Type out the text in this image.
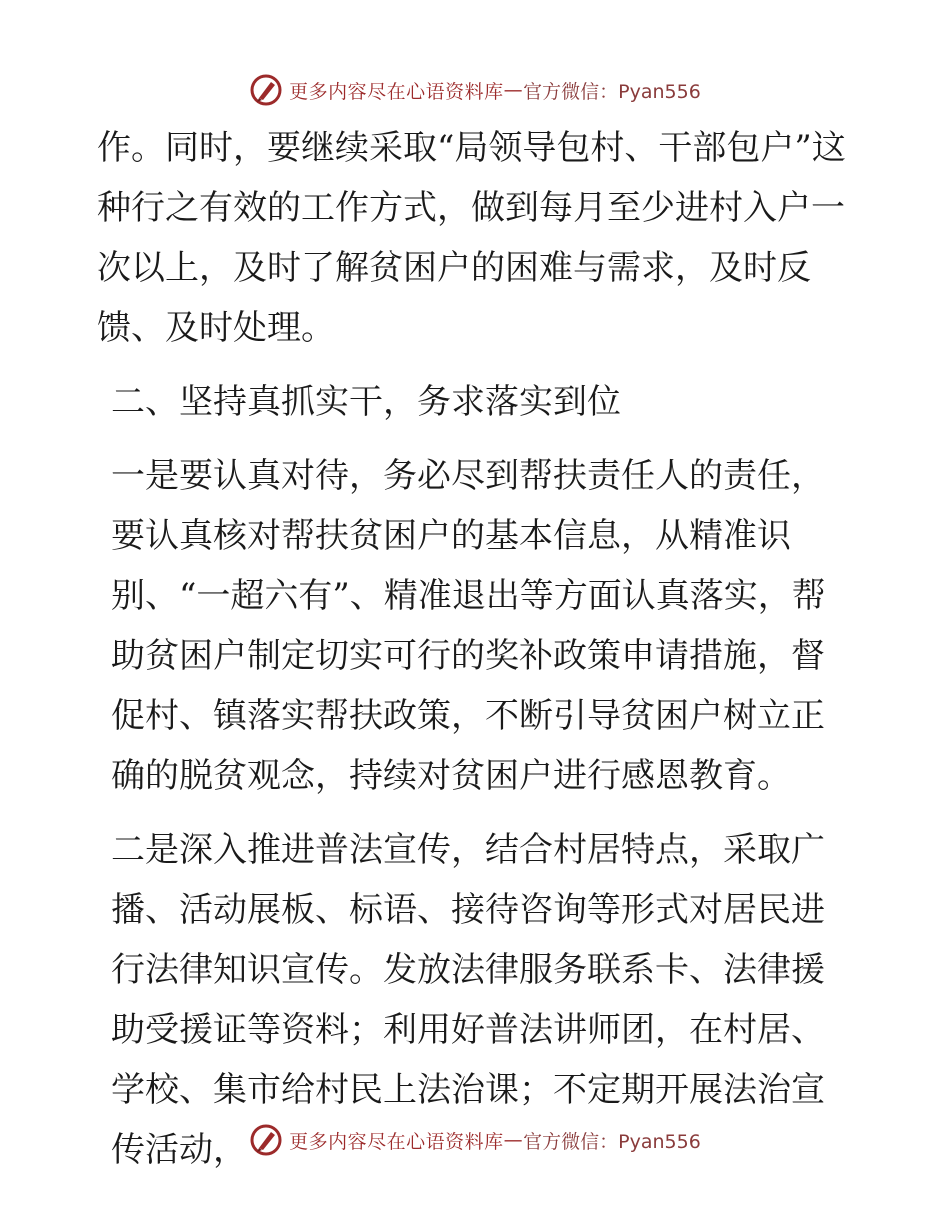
更多内容尽在心语资料库 — 官方微信：Pyan556

作。同时，要继续采取“局领导包村、干部包户”这种行之有效的工作方式，做到每月至少进村入户一次以上，及时了解贫困户的困难与需求，及时反馈、及时处理。

二、坚持真抓实干，务求落实到位

一是要认真对待，务必尽到帮扶责任人的责任，要认真核对帮扶贫困户的基本信息，从精准识别、“一超六有”、精准退出等方面认真落实，帮助贫困户制定切实可行的奖补政策申请措施，督促村、镇落实帮扶政策，不断引导贫困户树立正确的脱贫观念，持续对贫困户进行感恩教育。

二是深入推进普法宣传，结合村居特点，采取广播、活动展板、标语、接待咨询等形式对居民进行法律知识宣传。发放法律服务联系卡、法律援助受援证等资料；利用好普法讲师团，在村居、学校、集市给村民上法治课；不定期开展法治宣传活动，	更多内容尽在心语资料库 — 官方微信：Pyan556
